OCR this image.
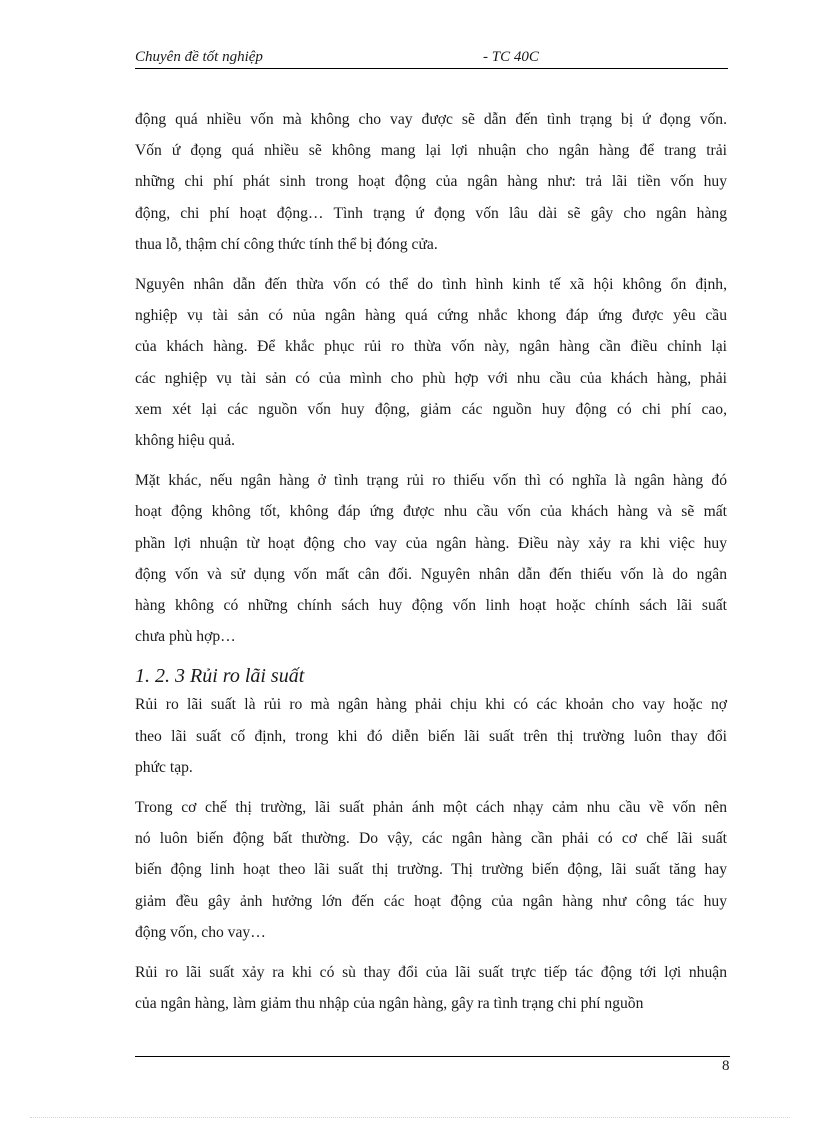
Chuyên đề tốt nghiệp	- TC 40C
động quá nhiều vốn mà không cho vay được sẽ dẫn đến tình trạng bị ứ đọng vốn.
Vốn ứ đọng quá nhiều sẽ không mang lại lợi nhuận cho ngân hàng để trang trải
những chi phí phát sinh trong hoạt động của ngân hàng như: trả lãi tiền vốn huy
động, chi phí hoạt động… Tình trạng ứ đọng vốn lâu dài sẽ gây cho ngân hàng
thua lỗ, thậm chí công thức tính thể bị đóng cửa.
Nguyên nhân dẫn đến thừa vốn có thể do tình hình kinh tế xã hội không ổn định,
nghiệp vụ tài sản có nủa ngân hàng quá cứng nhắc khong đáp ứng được yêu cầu
của khách hàng. Để khắc phục rủi ro thừa vốn này, ngân hàng cần điều chỉnh lại
các nghiệp vụ tài sản có của mình cho phù hợp với nhu cầu của khách hàng, phải
xem xét lại các nguồn vốn huy động, giảm các nguồn huy động có chi phí cao,
không hiệu quả.
Mặt khác, nếu ngân hàng ở tình trạng rủi ro thiếu vốn thì có nghĩa là ngân hàng đó
hoạt động không tốt, không đáp ứng được nhu cầu vốn của khách hàng và sẽ mất
phần lợi nhuận từ hoạt động cho vay của ngân hàng. Điều này xảy ra khi việc huy
động vốn và sử dụng vốn mất cân đối. Nguyên nhân dẫn đến thiếu vốn là do ngân
hàng không có những chính sách huy động vốn linh hoạt hoặc chính sách lãi suất
chưa phù hợp…
1. 2. 3 Rủi ro lãi suất
Rủi ro lãi suất là rủi ro mà ngân hàng phải chịu khi có các khoản cho vay hoặc nợ
theo lãi suất cố định, trong khi đó diễn biến lãi suất trên thị trường luôn thay đổi
phức tạp.
Trong cơ chế thị trường, lãi suất phản ánh một cách nhạy cảm nhu cầu về vốn nên
nó luôn biến động bất thường. Do vậy, các ngân hàng cần phải có cơ chế lãi suất
biến động linh hoạt theo lãi suất thị trường. Thị trường biến động, lãi suất tăng hay
giảm đều gây ảnh hưởng lớn đến các hoạt động của ngân hàng như công tác huy
động vốn, cho vay…
Rủi ro lãi suất xảy ra khi có sù thay đổi của lãi suất trực tiếp tác động tới lợi nhuận
của ngân hàng, làm giảm thu nhập của ngân hàng, gây ra tình trạng chi phí nguồn
8
